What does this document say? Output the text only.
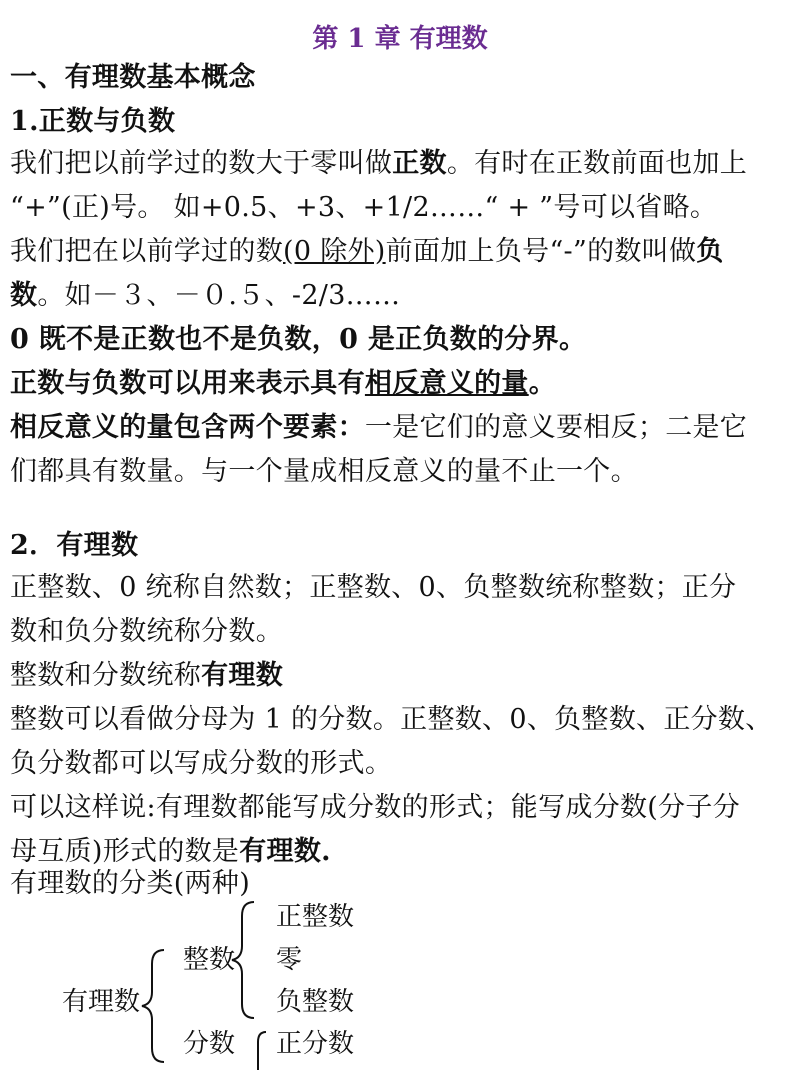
第 1 章 有理数
一、有理数基本概念
1.正数与负数
我们把以前学过的数大于零叫做正数。有时在正数前面也加上
“+”(正)号。 如+0.5、+3、+1/2……“ + ”号可以省略。
我们把在以前学过的数(0 除外)前面加上负号“-”的数叫做负
数。如－３、－０.５、-2/3……
0 既不是正数也不是负数，0 是正负数的分界。
正数与负数可以用来表示具有相反意义的量。
相反意义的量包含两个要素：一是它们的意义要相反；二是它
们都具有数量。与一个量成相反意义的量不止一个。
2．有理数
正整数、0 统称自然数；正整数、0、负整数统称整数；正分
数和负分数统称分数。
整数和分数统称有理数
整数可以看做分母为 1 的分数。正整数、0、负整数、正分数、
负分数都可以写成分数的形式。
可以这样说:有理数都能写成分数的形式；能写成分数(分子分
母互质)形式的数是有理数.
有理数的分类(两种)
有理数
整数
正整数
零
负整数
分数 正分数
